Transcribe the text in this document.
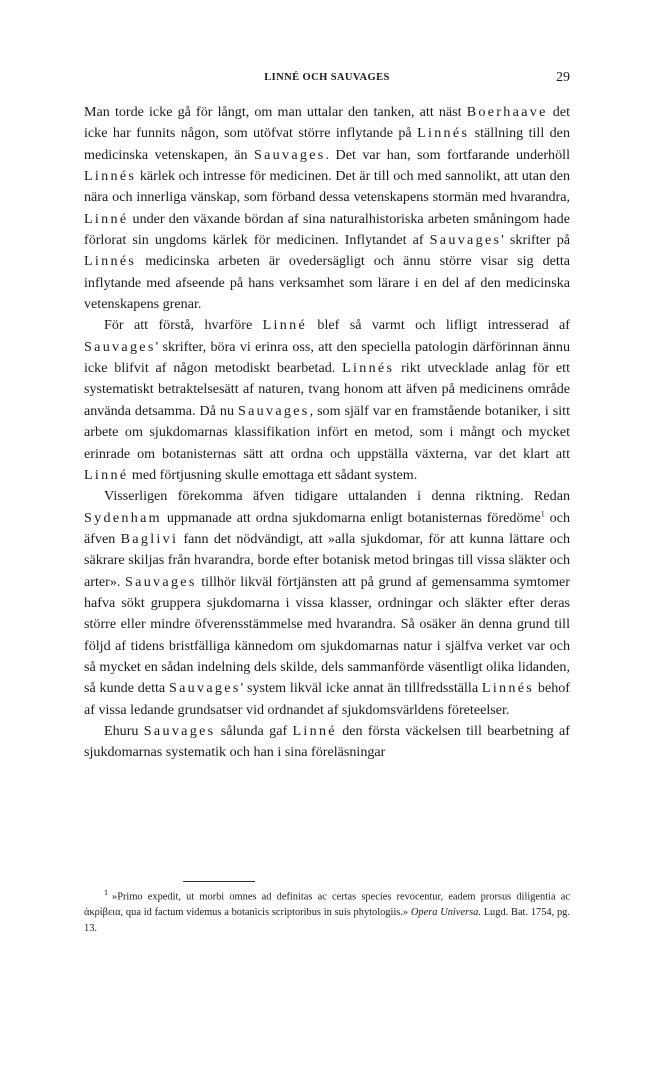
LINNÉ OCH SAUVAGES	29

Man torde icke gå för långt, om man uttalar den tanken, att näst Boerhaave det icke har funnits någon, som utöfvat större inflytande på Linnés ställning till den medicinska vetenskapen, än Sauvages. Det var han, som fortfarande underhöll Linnés kärlek och intresse för medicinen. Det är till och med sannolikt, att utan den nära och innerliga vänskap, som förband dessa vetenskapens stormän med hvarandra, Linné under den växande bördan af sina naturalhistoriska arbeten småningom hade förlorat sin ungdoms kärlek för medicinen. Inflytandet af Sauvages' skrifter på Linnés medicinska arbeten är ovedersägligt och ännu större visar sig detta inflytande med afseende på hans verksamhet som lärare i en del af den medicinska vetenskapens grenar.

För att förstå, hvarföre Linné blef så varmt och lifligt intresserad af Sauvages' skrifter, böra vi erinra oss, att den speciella patologin därförinnan ännu icke blifvit af någon metodiskt bearbetad. Linnés rikt utvecklade anlag för ett systematiskt betraktelsesätt af naturen, tvang honom att äfven på medicinens område använda detsamma. Då nu Sauvages, som själf var en framstående botaniker, i sitt arbete om sjukdomarnas klassifikation infört en metod, som i mångt och mycket erinrade om botanisternas sätt att ordna och uppställa växterna, var det klart att Linné med förtjusning skulle emottaga ett sådant system.

Visserligen förekomma äfven tidigare uttalanden i denna riktning. Redan Sydenham uppmanade att ordna sjukdomarna enligt botanisternas föredöme$^1$ och äfven Baglivi fann det nödvändigt, att »alla sjukdomar, för att kunna lättare och säkrare skiljas från hvarandra, borde efter botanisk metod bringas till vissa släkter och arter». Sauvages tillhör likväl förtjänsten att på grund af gemensamma symtomer hafva sökt gruppera sjukdomarna i vissa klasser, ordningar och släkter efter deras större eller mindre öfverensstämmelse med hvarandra. Så osäker än denna grund till följd af tidens bristfälliga kännedom om sjukdomarnas natur i själfva verket var och så mycket en sådan indelning dels skilde, dels sammanförde väsentligt olika lidanden, så kunde detta Sauvages' system likväl icke annat än tillfredsställa Linnés behof af vissa ledande grundsatser vid ordnandet af sjukdomsvärldens företeelser.

Ehuru Sauvages sålunda gaf Linné den första väckelsen till bearbetning af sjukdomarnas systematik och han i sina föreläsningar

$^1$ »Primo expedit, ut morbi omnes ad definitas ac certas species revocentur, eadem prorsus diligentia ac ἀκρίβεια, qua id factum videmus a botanicis scriptoribus in suis phytologiis.» Opera Universa. Lugd. Bat. 1754, pg. 13.
